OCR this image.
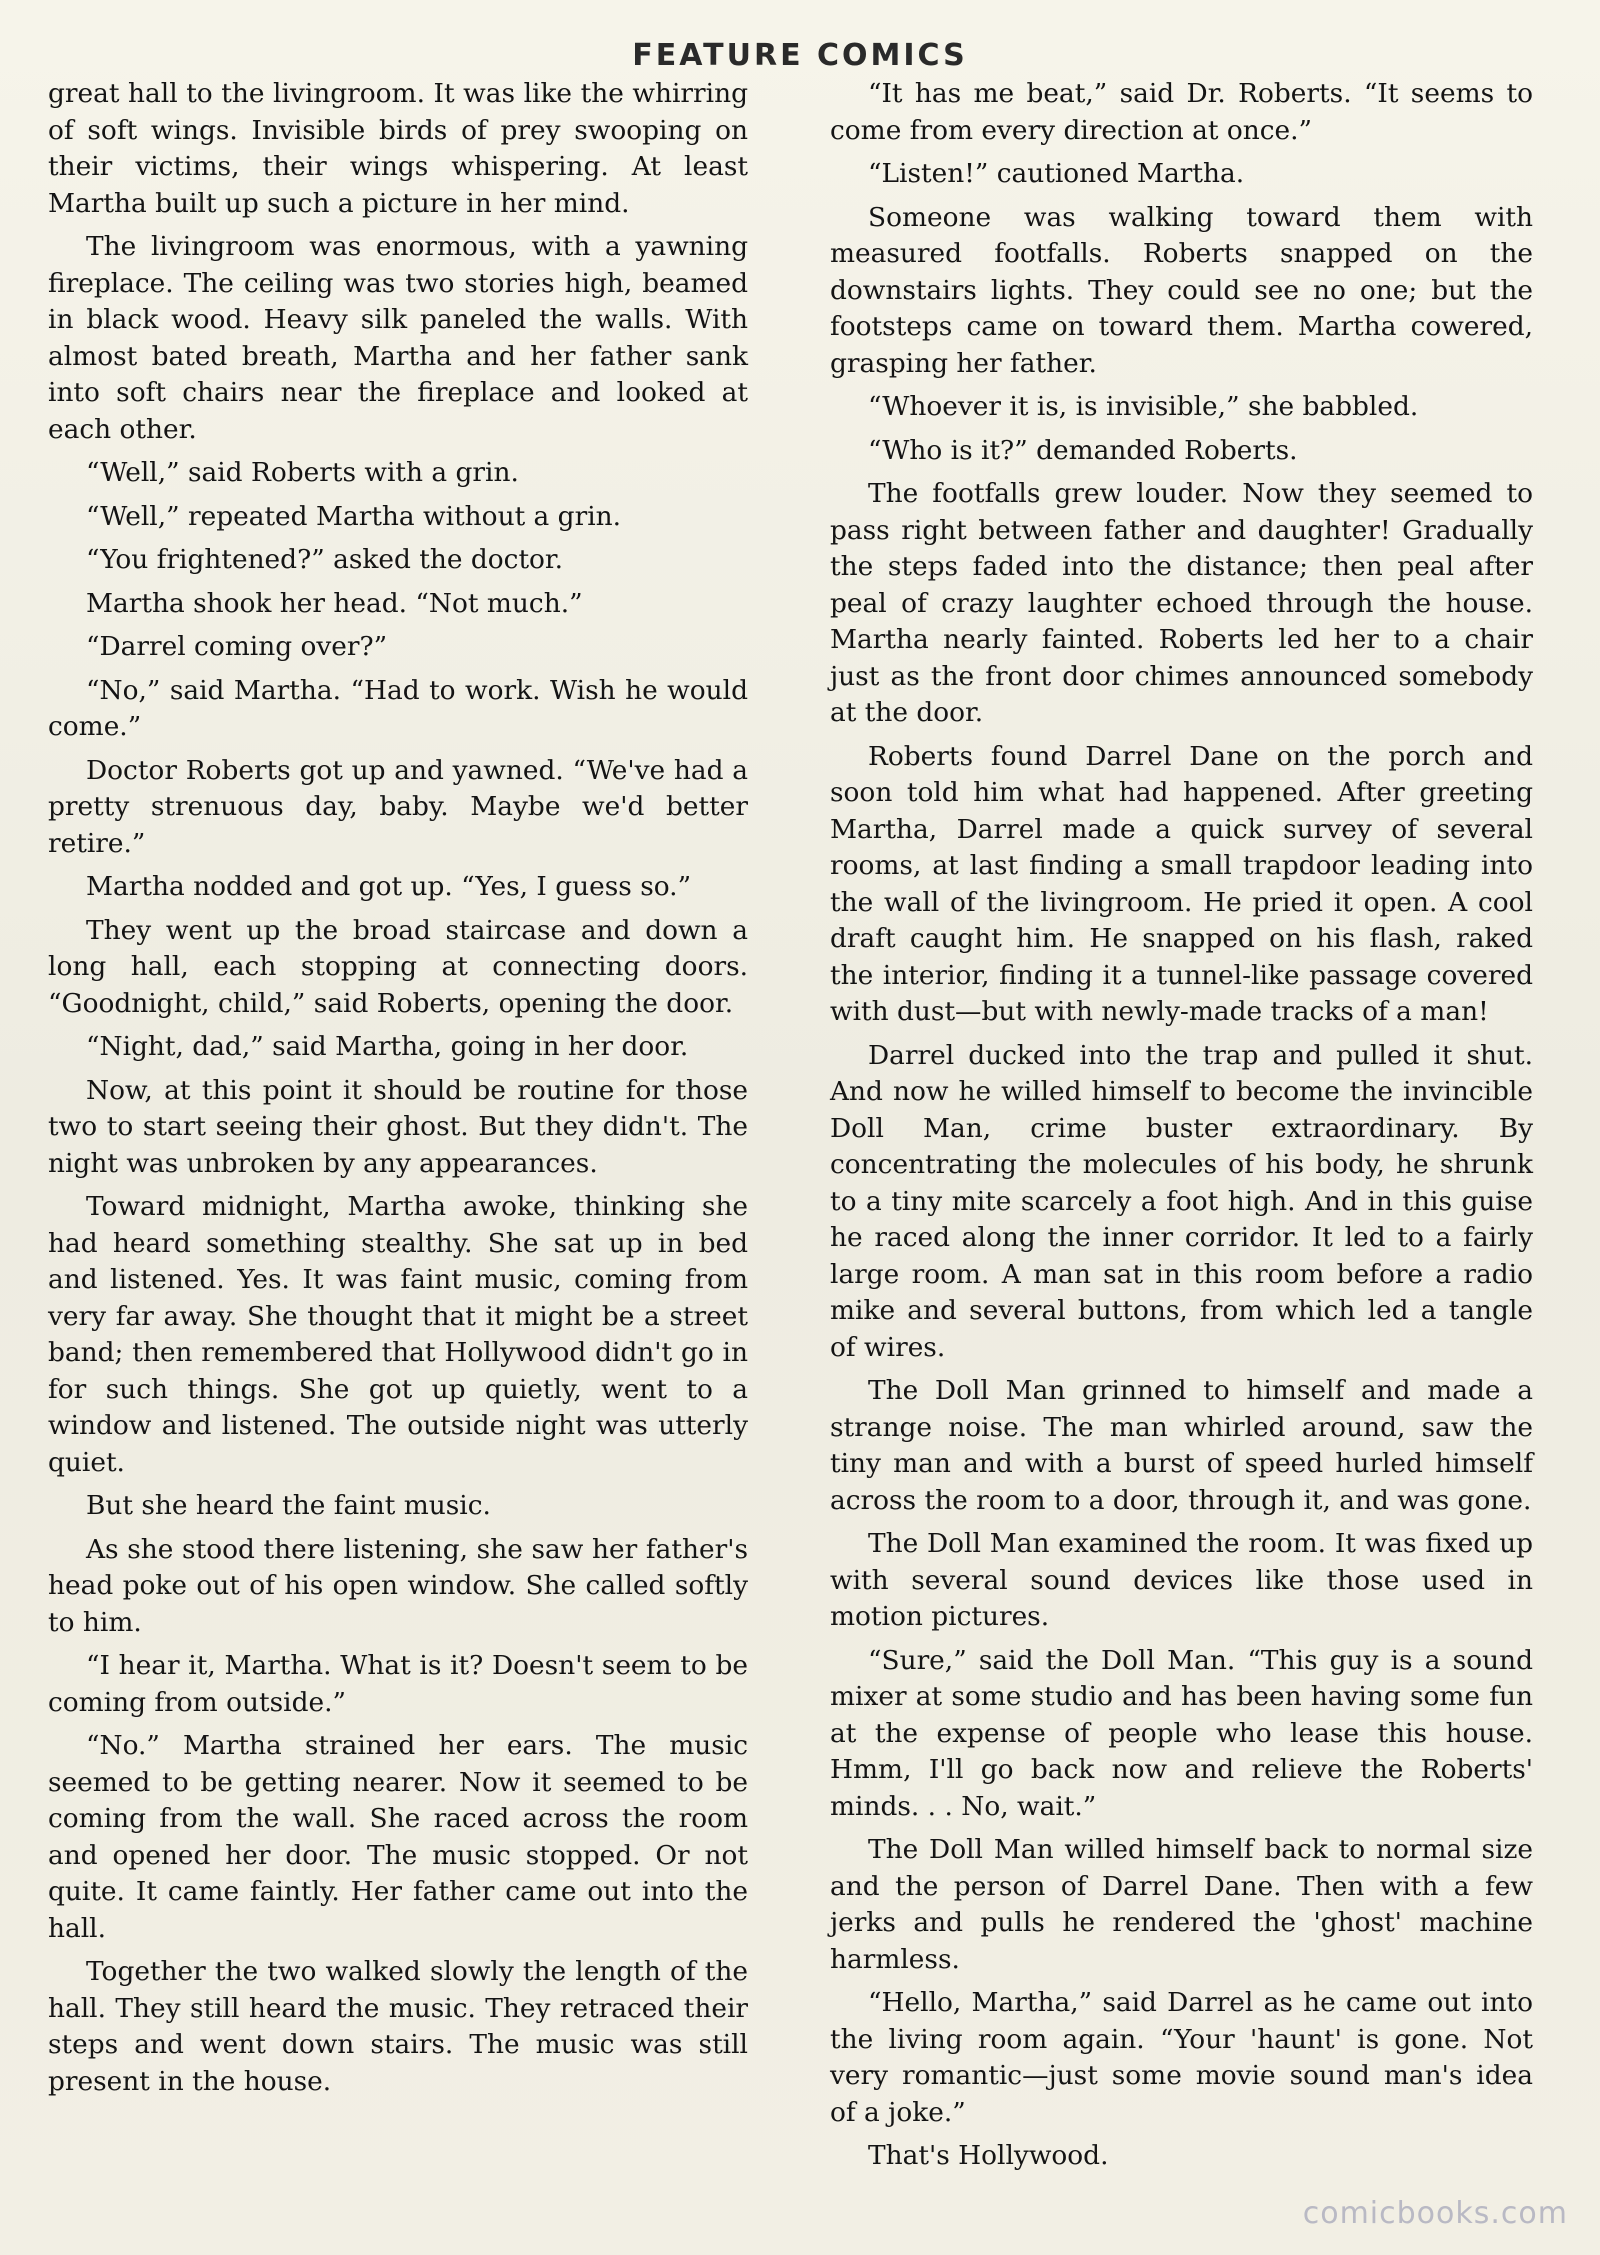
FEATURE COMICS

great hall to the livingroom. It was like the whirring of soft wings. Invisible birds of prey swooping on their victims, their wings whispering. At least Martha built up such a picture in her mind.

The livingroom was enormous, with a yawning fireplace. The ceiling was two stories high, beamed in black wood. Heavy silk paneled the walls. With almost bated breath, Martha and her father sank into soft chairs near the fireplace and looked at each other.

“Well,” said Roberts with a grin.

“Well,” repeated Martha without a grin.

“You frightened?” asked the doctor.

Martha shook her head. “Not much.”

“Darrel coming over?”

“No,” said Martha. “Had to work. Wish he would come.”

Doctor Roberts got up and yawned. “We've had a pretty strenuous day, baby. Maybe we'd better retire.”

Martha nodded and got up. “Yes, I guess so.”

They went up the broad staircase and down a long hall, each stopping at connecting doors. “Goodnight, child,” said Roberts, opening the door.

“Night, dad,” said Martha, going in her door.

Now, at this point it should be routine for those two to start seeing their ghost. But they didn't. The night was unbroken by any appearances.

Toward midnight, Martha awoke, thinking she had heard something stealthy. She sat up in bed and listened. Yes. It was faint music, coming from very far away. She thought that it might be a street band; then remembered that Hollywood didn't go in for such things. She got up quietly, went to a window and listened. The outside night was utterly quiet.

But she heard the faint music.

As she stood there listening, she saw her father's head poke out of his open window. She called softly to him.

“I hear it, Martha. What is it? Doesn't seem to be coming from outside.”

“No.” Martha strained her ears. The music seemed to be getting nearer. Now it seemed to be coming from the wall. She raced across the room and opened her door. The music stopped. Or not quite. It came faintly. Her father came out into the hall.

Together the two walked slowly the length of the hall. They still heard the music. They retraced their steps and went down stairs. The music was still present in the house.

“It has me beat,” said Dr. Roberts. “It seems to come from every direction at once.”

“Listen!” cautioned Martha.

Someone was walking toward them with measured footfalls. Roberts snapped on the downstairs lights. They could see no one; but the footsteps came on toward them. Martha cowered, grasping her father.

“Whoever it is, is invisible,” she babbled.

“Who is it?” demanded Roberts.

The footfalls grew louder. Now they seemed to pass right between father and daughter! Gradually the steps faded into the distance; then peal after peal of crazy laughter echoed through the house. Martha nearly fainted. Roberts led her to a chair just as the front door chimes announced somebody at the door.

Roberts found Darrel Dane on the porch and soon told him what had happened. After greeting Martha, Darrel made a quick survey of several rooms, at last finding a small trapdoor leading into the wall of the livingroom. He pried it open. A cool draft caught him. He snapped on his flash, raked the interior, finding it a tunnel-like passage covered with dust—but with newly-made tracks of a man!

Darrel ducked into the trap and pulled it shut. And now he willed himself to become the invincible Doll Man, crime buster extraordinary. By concentrating the molecules of his body, he shrunk to a tiny mite scarcely a foot high. And in this guise he raced along the inner corridor. It led to a fairly large room. A man sat in this room before a radio mike and several buttons, from which led a tangle of wires.

The Doll Man grinned to himself and made a strange noise. The man whirled around, saw the tiny man and with a burst of speed hurled himself across the room to a door, through it, and was gone.

The Doll Man examined the room. It was fixed up with several sound devices like those used in motion pictures.

“Sure,” said the Doll Man. “This guy is a sound mixer at some studio and has been having some fun at the expense of people who lease this house. Hmm, I'll go back now and relieve the Roberts' minds. . . No, wait.”

The Doll Man willed himself back to normal size and the person of Darrel Dane. Then with a few jerks and pulls he rendered the 'ghost' machine harmless.

“Hello, Martha,” said Darrel as he came out into the living room again. “Your 'haunt' is gone. Not very romantic—just some movie sound man's idea of a joke.”

That's Hollywood.

comicbooks.com
